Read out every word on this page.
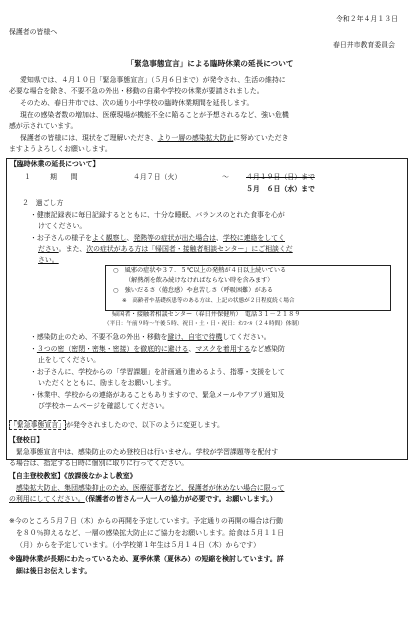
令和２年４月１３日
保護者の皆様へ
春日井市教育委員会
「緊急事態宣言」による臨時休業の延長について
愛知県では、４月１０日「緊急事態宣言」（５月６日まで）が発令され、生活の維持に
必要な場合を除き、不要不急の外出・移動の自粛や学校の休業が要請されました。
そのため、春日井市では、次の通り小中学校の臨時休業期間を延長します。
現在の感染者数の増加は、医療現場が機能不全に陥ることが予想されるなど、強い危機
感が示されています。
保護者の皆様には、現状をご理解いただき、より一層の感染拡大防止に努めていただき
ますようよろしくお願いします。
【臨時休業の延長について】
１	期　　間	４月７日（火）	～ ４月１９日（日）まで
５月　６日（水）まで
２　過ごし方
・健康記録表に毎日記録するとともに、十分な睡眠、バランスのとれた食事を心が
けてください。
・お子さんの様子をよく観察し、発熱等の症状が出た場合は、学校に連絡をしてく
ださい。また、次の症状がある方は「帰国者・接触者相談センター」にご相談くだ
さい。
○　風邪の症状や３７．５℃以上の発熱が４日以上続いている
（解熱剤を飲み続けなければならない時を含みます）
○　強いだるさ（倦怠感）や息苦しさ（呼吸困難）がある
※　高齢者や基礎疾患等のある方は、上記の状態が２日程度続く場合
帰国者・接触者相談センター（春日井保健所）　電話３１－２１８９
（平日：午前９時～午後５時、祝日・土・日・祝日：ｵﾝｺｰﾙ（２４時間）体制）
・感染防止のため、不要不急の外出・移動を避け、自宅で待機してください。
・３つの密（密閉・密集・密接）を徹底的に避ける、マスクを着用するなど感染防
止をしてください。
・お子さんに、学校からの「学習課題」を計画通り進めるよう、指導・支援をして
いただくとともに、励ましをお願いします。
・休業中、学校からの連絡があることもありますので、緊急メールやアプリ通知及
び学校ホームページを確認してください。
「緊急事態宣言」が発令されましたので、以下のように変更します。
【登校日】
緊急事態宣言中は、感染防止のため登校日は行いません。学校が学習課題等を配付す
る場合は、指定する日時に個別に取りに行ってください。
【自主登校教室】《放課後なかよし教室》
感染拡大防止、集団感染抑止のため、医療従事者など、保護者が休めない場合に限って
の利用にしてください。（保護者の皆さん一人一人の協力が必要です。お願いします。）
※今のところ５月７日（木）からの再開を予定しています。予定通りの再開の場合は行動
を８０％抑えるなど、一層の感染拡大防止にご協力をお願いします。給食は５月１１日
（月）からを予定しています。（小学校第１年生は５月１４日（木）からです）
※臨時休業が長期にわたっているため、夏季休業（夏休み）の短縮を検討しています。詳
細は後日お伝えします。
